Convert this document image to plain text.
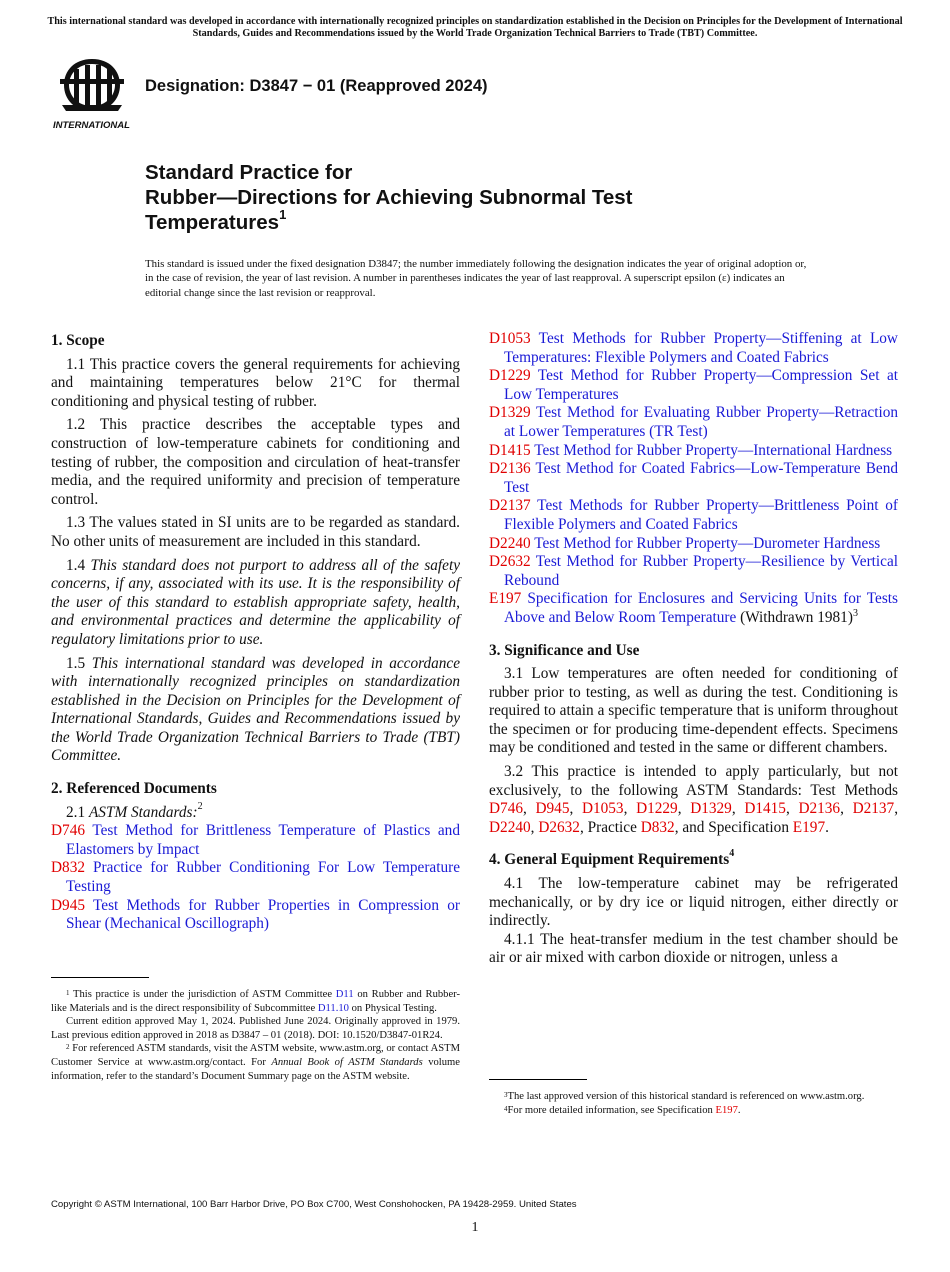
This international standard was developed in accordance with internationally recognized principles on standardization established in the Decision on Principles for the Development of International Standards, Guides and Recommendations issued by the World Trade Organization Technical Barriers to Trade (TBT) Committee.
INTERNATIONAL
Designation: D3847 − 01 (Reapproved 2024)
Standard Practice for
Rubber—Directions for Achieving Subnormal Test
Temperatures$^1$
This standard is issued under the fixed designation D3847; the number immediately following the designation indicates the year of original adoption or, in the case of revision, the year of last revision. A number in parentheses indicates the year of last reapproval. A superscript epsilon (ε) indicates an editorial change since the last revision or reapproval.
1. Scope

1.1 This practice covers the general requirements for achieving and maintaining temperatures below 21°C for thermal conditioning and physical testing of rubber.

1.2 This practice describes the acceptable types and construction of low-temperature cabinets for conditioning and testing of rubber, the composition and circulation of heat-transfer media, and the required uniformity and precision of temperature control.

1.3 The values stated in SI units are to be regarded as standard. No other units of measurement are included in this standard.

1.4 This standard does not purport to address all of the safety concerns, if any, associated with its use. It is the responsibility of the user of this standard to establish appropriate safety, health, and environmental practices and determine the applicability of regulatory limitations prior to use.

1.5 This international standard was developed in accordance with internationally recognized principles on standardization established in the Decision on Principles for the Development of International Standards, Guides and Recommendations issued by the World Trade Organization Technical Barriers to Trade (TBT) Committee.

2. Referenced Documents

2.1 ASTM Standards:$^2$

D746 Test Method for Brittleness Temperature of Plastics and Elastomers by Impact
D832 Practice for Rubber Conditioning For Low Temperature Testing
D945 Test Methods for Rubber Properties in Compression or Shear (Mechanical Oscillograph)
D1053 Test Methods for Rubber Property—Stiffening at Low Temperatures: Flexible Polymers and Coated Fabrics
D1229 Test Method for Rubber Property—Compression Set at Low Temperatures
D1329 Test Method for Evaluating Rubber Property—Retraction at Lower Temperatures (TR Test)
D1415 Test Method for Rubber Property—International Hardness
D2136 Test Method for Coated Fabrics—Low-Temperature Bend Test
D2137 Test Methods for Rubber Property—Brittleness Point of Flexible Polymers and Coated Fabrics
D2240 Test Method for Rubber Property—Durometer Hardness
D2632 Test Method for Rubber Property—Resilience by Vertical Rebound
E197 Specification for Enclosures and Servicing Units for Tests Above and Below Room Temperature (Withdrawn 1981)$^3$
3. Significance and Use

3.1 Low temperatures are often needed for conditioning of rubber prior to testing, as well as during the test. Conditioning is required to attain a specific temperature that is uniform throughout the specimen or for producing time-dependent effects. Specimens may be conditioned and tested in the same or different chambers.

3.2 This practice is intended to apply particularly, but not exclusively, to the following ASTM Standards: Test Methods D746, D945, D1053, D1229, D1329, D1415, D2136, D2137, D2240, D2632, Practice D832, and Specification E197.

4. General Equipment Requirements$^4$

4.1 The low-temperature cabinet may be refrigerated mechanically, or by dry ice or liquid nitrogen, either directly or indirectly.

4.1.1 The heat-transfer medium in the test chamber should be air or air mixed with carbon dioxide or nitrogen, unless a

$^1$ This practice is under the jurisdiction of ASTM Committee D11 on Rubber and Rubber-like Materials and is the direct responsibility of Subcommittee D11.10 on Physical Testing.

Current edition approved May 1, 2024. Published June 2024. Originally approved in 1979. Last previous edition approved in 2018 as D3847 – 01 (2018). DOI: 10.1520/D3847-01R24.

$^2$ For referenced ASTM standards, visit the ASTM website, www.astm.org, or contact ASTM Customer Service at www.astm.org/contact. For Annual Book of ASTM Standards volume information, refer to the standard’s Document Summary page on the ASTM website.

$^3$The last approved version of this historical standard is referenced on www.astm.org.

$^4$For more detailed information, see Specification E197.

Copyright © ASTM International, 100 Barr Harbor Drive, PO Box C700, West Conshohocken, PA 19428-2959. United States
1
